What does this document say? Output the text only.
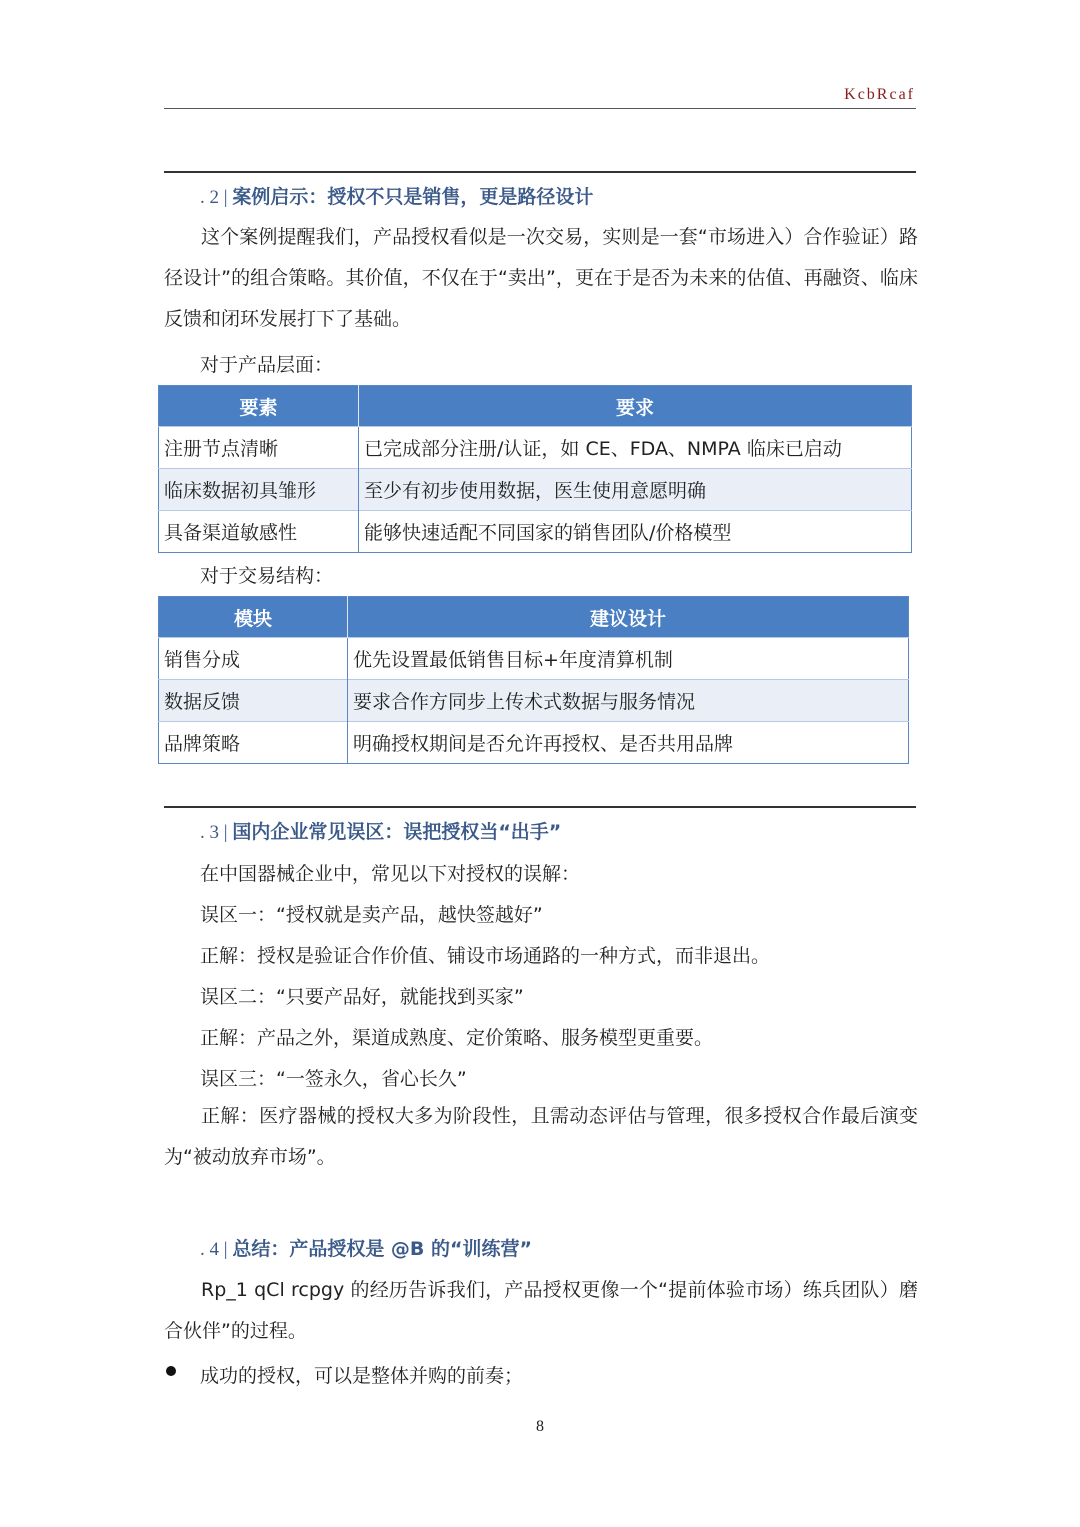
KcbRcaf
. 2 | 案例启示：授权不只是销售，更是路径设计
这个案例提醒我们，产品授权看似是一次交易，实则是一套“市场进入）合作验证）路径设计”的组合策略。其价值，不仅在于“卖出”，更在于是否为未来的估值、再融资、临床反馈和闭环发展打下了基础。
对于产品层面：
要素	要求
注册节点清晰	已完成部分注册/认证，如 CE、FDA、NMPA 临床已启动
临床数据初具雏形	至少有初步使用数据，医生使用意愿明确
具备渠道敏感性	能够快速适配不同国家的销售团队/价格模型
对于交易结构：
模块	建议设计
销售分成	优先设置最低销售目标+年度清算机制
数据反馈	要求合作方同步上传术式数据与服务情况
品牌策略	明确授权期间是否允许再授权、是否共用品牌
. 3 | 国内企业常见误区：误把授权当“出手”
在中国器械企业中，常见以下对授权的误解：
误区一：“授权就是卖产品，越快签越好”
正解：授权是验证合作价值、铺设市场通路的一种方式，而非退出。
误区二：“只要产品好，就能找到买家”
正解：产品之外，渠道成熟度、定价策略、服务模型更重要。
误区三：“一签永久，省心长久”
正解：医疗器械的授权大多为阶段性，且需动态评估与管理，很多授权合作最后演变为“被动放弃市场”。
. 4 | 总结：产品授权是 @B 的“训练营”
Rp_1 qCl rcpgy 的经历告诉我们，产品授权更像一个“提前体验市场）练兵团队）磨合伙伴”的过程。
成功的授权，可以是整体并购的前奏；
8
